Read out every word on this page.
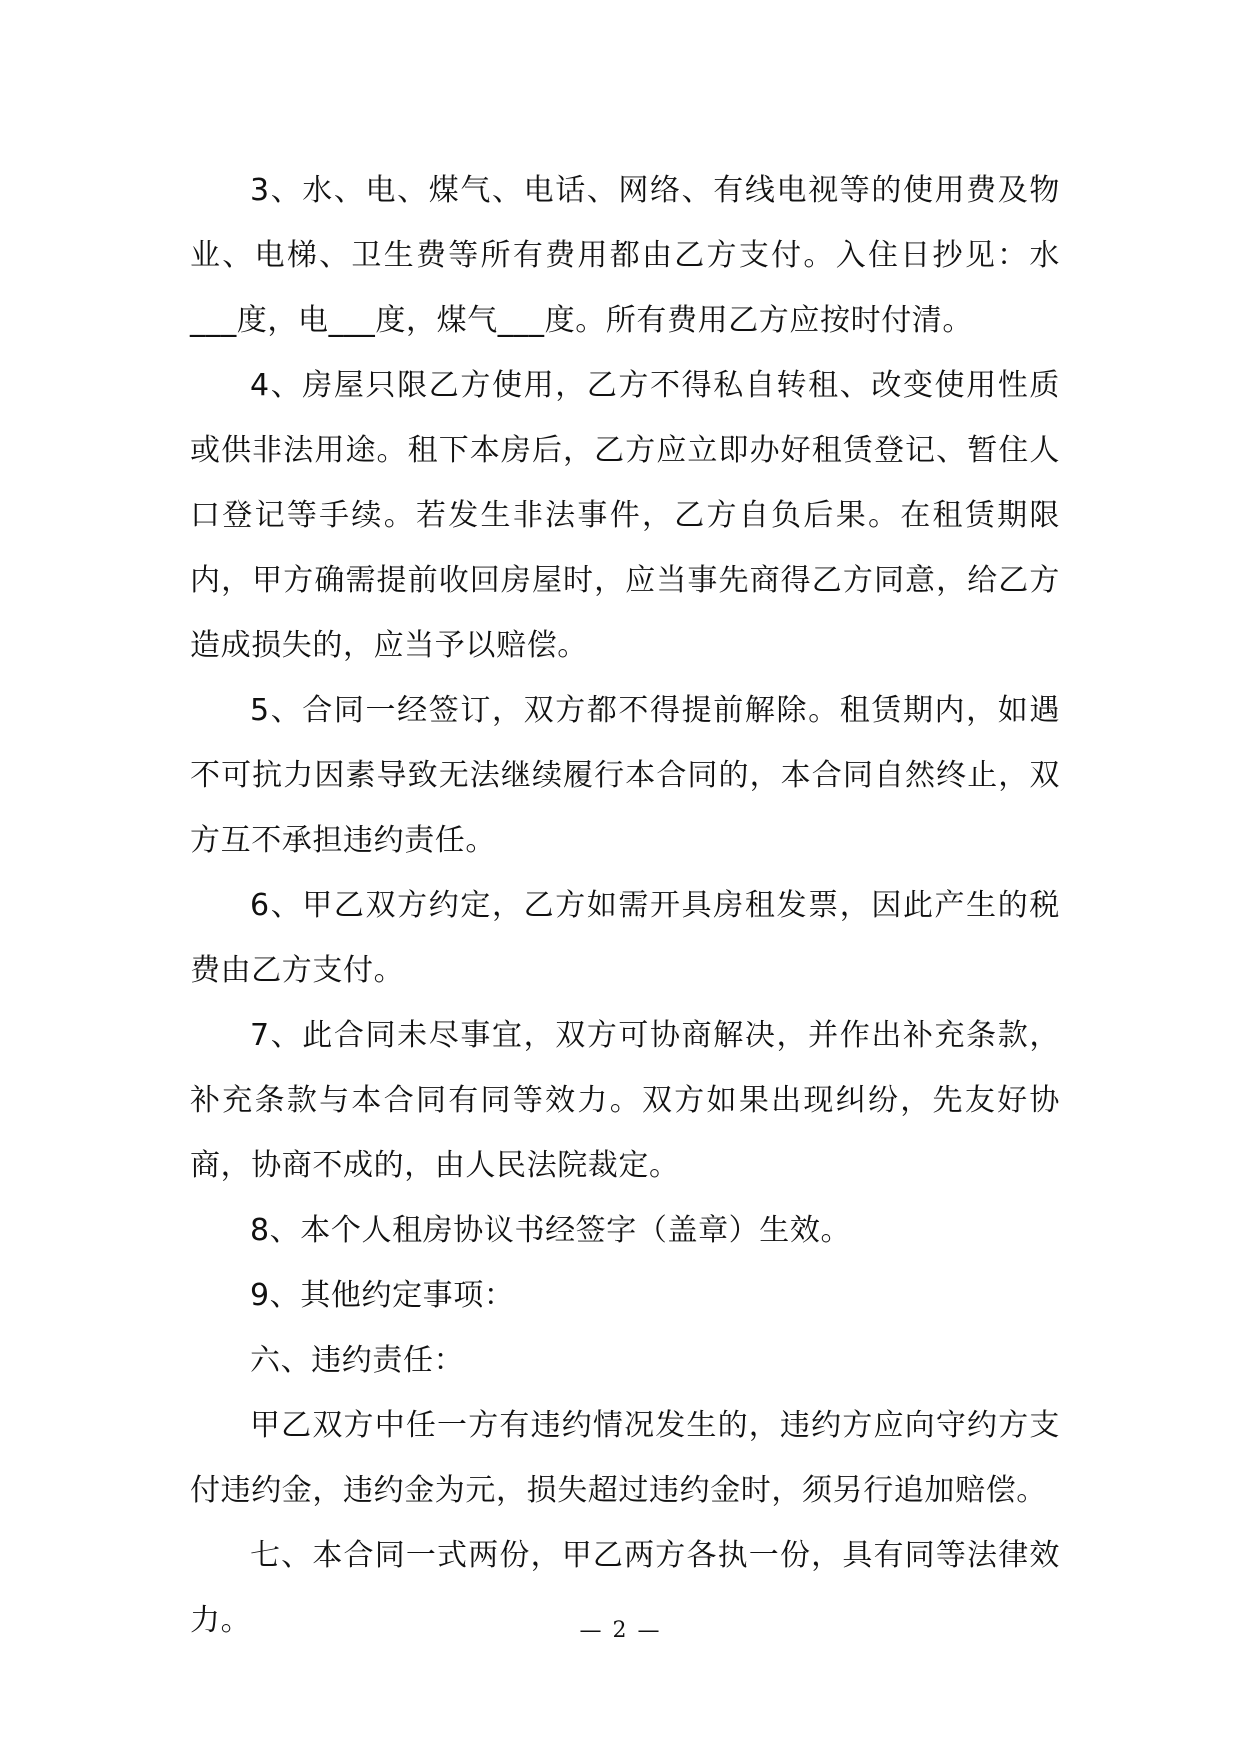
3、水、电、煤气、电话、网络、有线电视等的使用费及物业、电梯、卫生费等所有费用都由乙方支付。入住日抄见：水___度，电___度，煤气___度。所有费用乙方应按时付清。

4、房屋只限乙方使用，乙方不得私自转租、改变使用性质或供非法用途。租下本房后，乙方应立即办好租赁登记、暂住人口登记等手续。若发生非法事件，乙方自负后果。在租赁期限内，甲方确需提前收回房屋时，应当事先商得乙方同意，给乙方造成损失的，应当予以赔偿。

5、合同一经签订，双方都不得提前解除。租赁期内，如遇不可抗力因素导致无法继续履行本合同的，本合同自然终止，双方互不承担违约责任。

6、甲乙双方约定，乙方如需开具房租发票，因此产生的税费由乙方支付。

7、此合同未尽事宜，双方可协商解决，并作出补充条款，补充条款与本合同有同等效力。双方如果出现纠纷，先友好协商，协商不成的，由人民法院裁定。

8、本个人租房协议书经签字（盖章）生效。

9、其他约定事项：

六、违约责任：

甲乙双方中任一方有违约情况发生的，违约方应向守约方支付违约金，违约金为元，损失超过违约金时，须另行追加赔偿。

七、本合同一式两份，甲乙两方各执一份，具有同等法律效力。	— 2 —
